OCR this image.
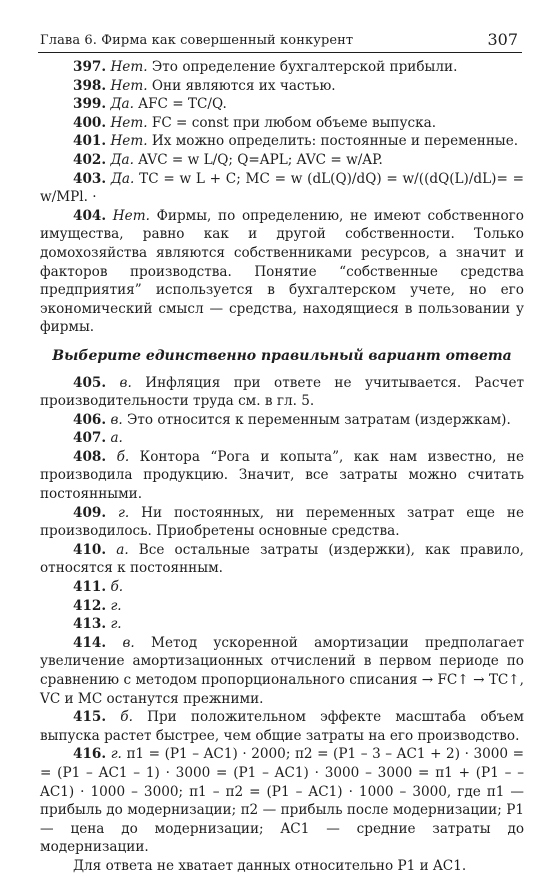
Глава 6. Фирма как совершенный конкурент	307

397. Нет. Это определение бухгалтерской прибыли.

398. Нет. Они являются их частью.

399. Да. AFC = TC/Q.

400. Нет. FC = const при любом объеме выпуска.

401. Нет. Их можно определить: постоянные и переменные.

402. Да. AVC = w L/Q; Q=APL; AVC = w/AP.

403. Да. TC = w L + C; MC = w (dL(Q)/dQ) = w/((dQ(L)/dL)= = w/MPl. ·

404. Нет. Фирмы, по определению, не имеют собственного имущества, равно как и другой собственности. Только домохозяйства являются собственниками ресурсов, а значит и факторов производства. Понятие “собственные средства предприятия” используется в бухгалтерском учете, но его экономический смысл — средства, находящиеся в пользовании у фирмы.

Выберите единственно правильный вариант ответа

405. в. Инфляция при ответе не учитывается. Расчет производительности труда см. в гл. 5.

406. в. Это относится к переменным затратам (издержкам).

407. а.

408. б. Контора “Рога и копыта”, как нам известно, не производила продукцию. Значит, все затраты можно считать постоянными.

409. г. Ни постоянных, ни переменных затрат еще не производилось. Приобретены основные средства.

410. а. Все остальные затраты (издержки), как правило, относятся к постоянным.

411. б.

412. г.

413. г.

414. в. Метод ускоренной амортизации предполагает увеличение амортизационных отчислений в первом периоде по сравнению с методом пропорционального списания → FC↑ → TC↑, VC и MC останутся прежними.

415. б. При положительном эффекте масштаба объем выпуска растет быстрее, чем общие затраты на его производство.

416. г. π1 = (P1 – AC1) · 2000; π2 = (P1 – 3 – AC1 + 2) · 3000 = = (P1 – AC1 – 1) · 3000 = (P1 – AC1) · 3000 – 3000 = π1 + (P1 – – AC1) · 1000 – 3000; π1 – π2 = (P1 – AC1) · 1000 – 3000, где π1 — прибыль до модернизации; π2 — прибыль после модернизации; P1 — цена до модернизации; AC1 — средние затраты до модернизации.

Для ответа не хватает данных относительно P1 и AC1.
